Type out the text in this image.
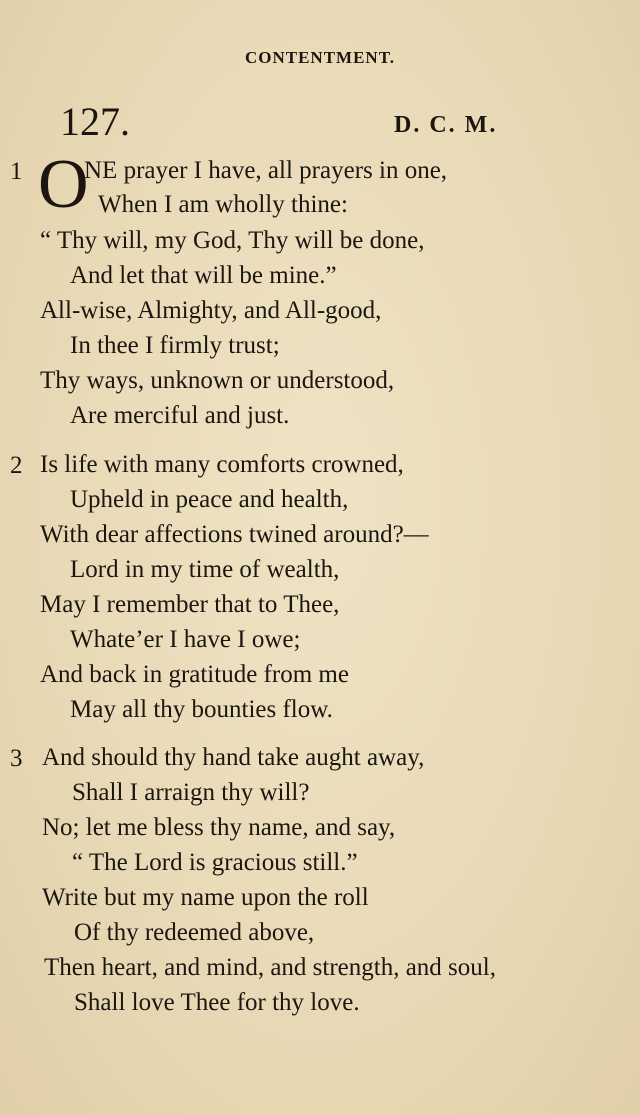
CONTENTMENT.
127.	D. C. M.
1 O
NE prayer I have, all prayers in one,
When I am wholly thine:
“ Thy will, my God, Thy will be done,
And let that will be mine.”
All-wise, Almighty, and All-good,
In thee I firmly trust;
Thy ways, unknown or understood,
Are merciful and just.
2 Is life with many comforts crowned,
Upheld in peace and health,
With dear affections twined around?—
Lord in my time of wealth,
May I remember that to Thee,
Whate’er I have I owe;
And back in gratitude from me
May all thy bounties flow.
3 And should thy hand take aught away,
Shall I arraign thy will?
No; let me bless thy name, and say,
“ The Lord is gracious still.”
Write but my name upon the roll
Of thy redeemed above,
Then heart, and mind, and strength, and soul,
Shall love Thee for thy love.
